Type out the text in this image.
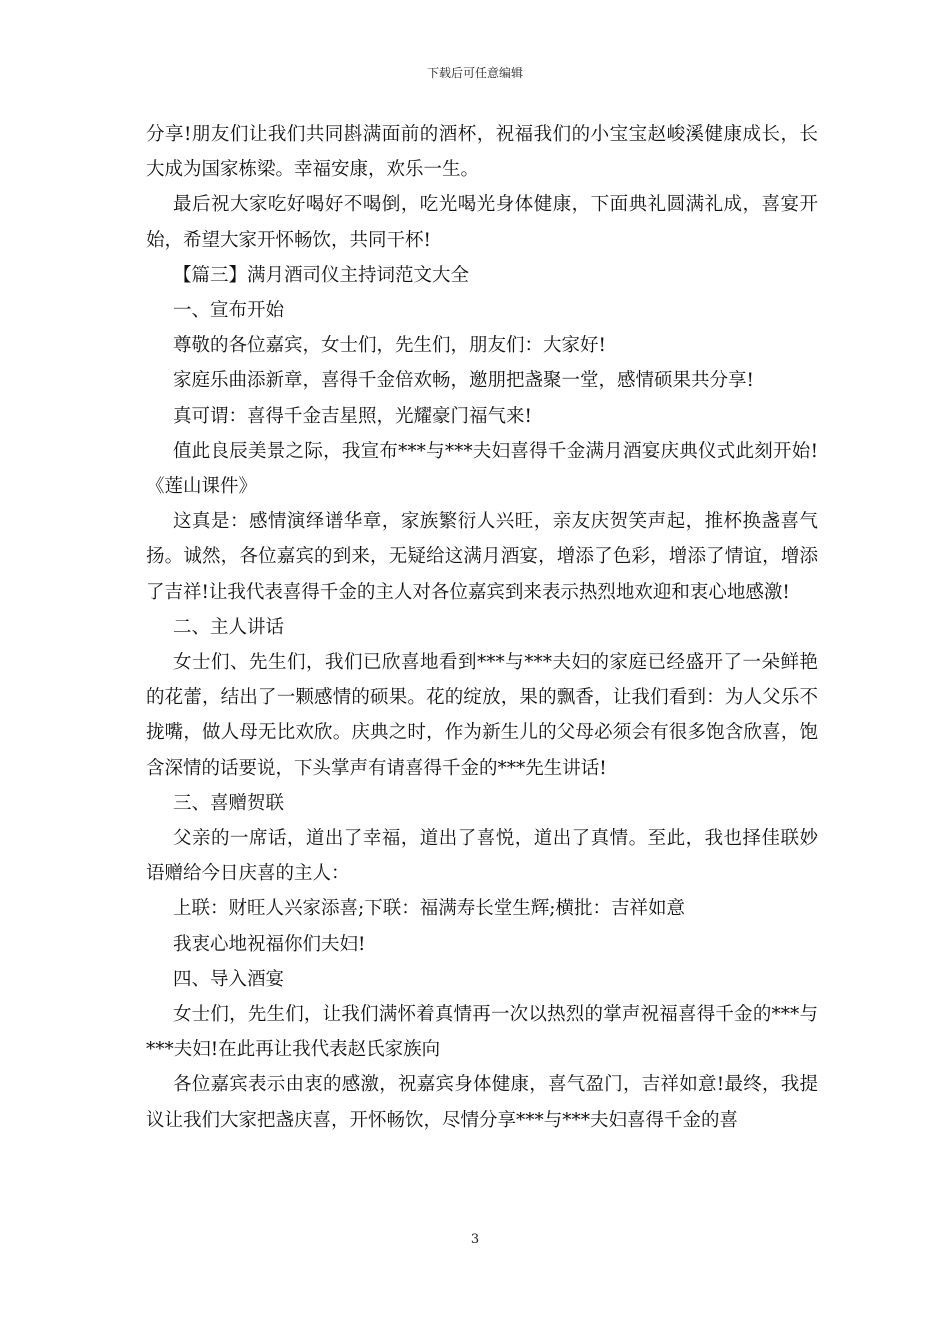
下载后可任意编辑

分享!朋友们让我们共同斟满面前的酒杯，祝福我们的小宝宝赵峻溪健康成长，长大成为国家栋梁。幸福安康，欢乐一生。

最后祝大家吃好喝好不喝倒，吃光喝光身体健康，下面典礼圆满礼成，喜宴开始，希望大家开怀畅饮，共同干杯!

【篇三】满月酒司仪主持词范文大全

一、宣布开始

尊敬的各位嘉宾，女士们，先生们，朋友们：大家好!

家庭乐曲添新章，喜得千金倍欢畅，邀朋把盏聚一堂，感情硕果共分享!

真可谓：喜得千金吉星照，光耀豪门福气来!

值此良辰美景之际，我宣布***与***夫妇喜得千金满月酒宴庆典仪式此刻开始!《莲山课件》

这真是：感情演绎谱华章，家族繁衍人兴旺，亲友庆贺笑声起，推杯换盏喜气扬。诚然，各位嘉宾的到来，无疑给这满月酒宴，增添了色彩，增添了情谊，增添了吉祥!让我代表喜得千金的主人对各位嘉宾到来表示热烈地欢迎和衷心地感激!

二、主人讲话

女士们、先生们，我们已欣喜地看到***与***夫妇的家庭已经盛开了一朵鲜艳的花蕾，结出了一颗感情的硕果。花的绽放，果的飘香，让我们看到：为人父乐不拢嘴，做人母无比欢欣。庆典之时，作为新生儿的父母必须会有很多饱含欣喜，饱含深情的话要说，下头掌声有请喜得千金的***先生讲话!

三、喜赠贺联

父亲的一席话，道出了幸福，道出了喜悦，道出了真情。至此，我也择佳联妙语赠给今日庆喜的主人：

上联：财旺人兴家添喜;下联：福满寿长堂生辉;横批：吉祥如意

我衷心地祝福你们夫妇!

四、导入酒宴

女士们，先生们，让我们满怀着真情再一次以热烈的掌声祝福喜得千金的***与***夫妇!在此再让我代表赵氏家族向

各位嘉宾表示由衷的感激，祝嘉宾身体健康，喜气盈门，吉祥如意!最终，我提议让我们大家把盏庆喜，开怀畅饮，尽情分享***与***夫妇喜得千金的喜

3
